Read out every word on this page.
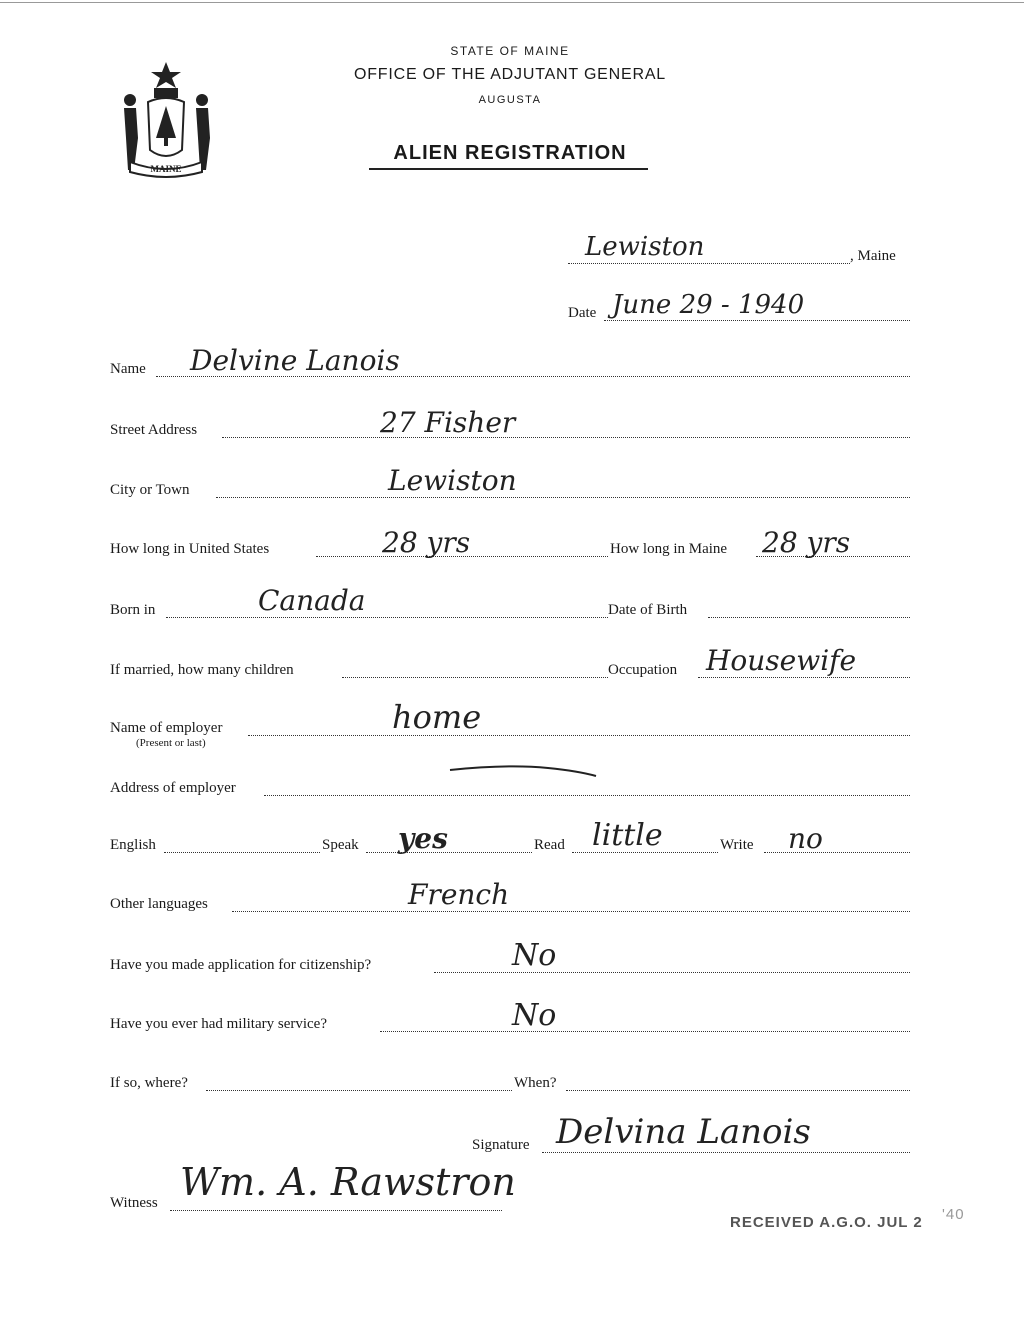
MAINE
STATE OF MAINE
OFFICE OF THE ADJUTANT GENERAL
AUGUSTA
ALIEN REGISTRATION
Lewiston	, Maine
Date June 29 - 1940
Name Delvine Lanois
Street Address	27 Fisher
City or Town	Lewiston
How long in United States	28 yrs	How long in Maine 28 yrs
Born in	Canada	Date of Birth
If married, how many children	Occupation Housewife
Name of employer
(Present or last)
home
Address of employer
English	Speak yes	Read little	Write no
Other languages	French
Have you made application for citizenship?	No
Have you ever had military service?	No
If so, where?	When?
Signature Delvina Lanois
Witness Wm. A. Rawstron
RECEIVED A.G.O. JUL 2 '40
